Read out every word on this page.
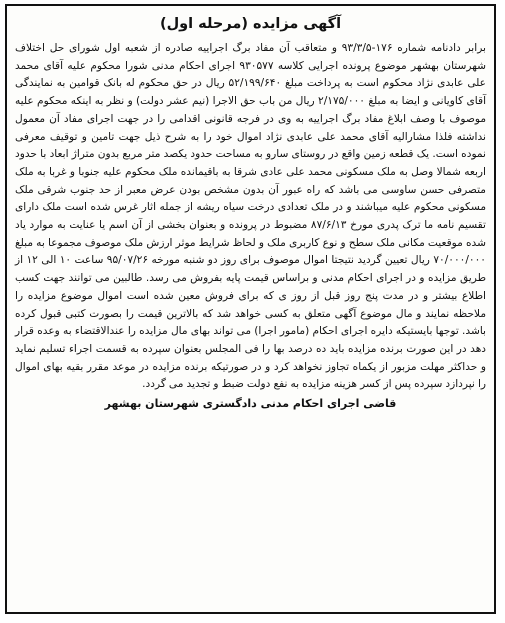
آگهی مزایده (مرحله اول)

برابر دادنامه شماره ۱۷۶-۹۳/۳/۵ و متعاقب آن مفاد برگ اجراییه صادره از شعبه اول شورای حل اختلاف شهرستان بهشهر موضوع پرونده اجرایی کلاسه ۹۳۰۵۷۷ اجرای احکام مدنی شورا محکوم علیه آقای محمد علی عابدی نژاد محکوم است به پرداخت مبلغ ۵۲/۱۹۹/۶۴۰ ریال در حق محکوم له بانک قوامین به نمایندگی آقای کاویانی و ایضا به مبلغ ۲/۱۷۵/۰۰۰ ریال من باب حق الاجرا (نیم عشر دولت) و نظر به اینکه محکوم علیه موصوف با وصف ابلاغ مفاد برگ اجراییه به وی در فرجه قانونی اقدامی را در جهت اجرای مفاد آن معمول نداشته فلذا مشارالیه آقای محمد علی عابدی نژاد اموال خود را به شرح ذیل جهت تامین و توقیف معرفی نموده است. یک قطعه زمین واقع در روستای سارو به مساحت حدود یکصد متر مربع بدون متراژ ابعاد با حدود اربعه شمالا وصل به ملک مسکونی محمد علی عادی شرقا به باقیمانده ملک محکوم علیه جنوبا و غربا به ملک متصرفی حسن ساوسی می باشد که راه عبور آن بدون مشخص بودن عرض معبر از حد جنوب شرقی ملک مسکونی محکوم علیه میباشند و در ملک تعدادی درخت سیاه ریشه از جمله اثار غرس شده است ملک دارای تقسیم نامه ما ترک پدری مورخ ۸۷/۶/۱۳ مضبوط در پرونده و بعنوان بخشی از آن اسم یا عنایت به موارد یاد شده موقعیت مکانی ملک سطح و نوع کاربری ملک و لحاظ شرایط موثر ارزش ملک موصوف مجموعا به مبلغ ۷۰/۰۰۰/۰۰۰ ریال تعیین گردید نتیجتا اموال موصوف برای روز دو شنبه مورخه ۹۵/۰۷/۲۶ ساعت ۱۰ الی ۱۲ از طریق مزایده و در اجرای احکام مدنی و براساس قیمت پایه بفروش می رسد. طالبین می توانند جهت کسب اطلاع بیشتر و در مدت پنج روز قبل از روز ی که برای فروش معین شده است اموال موضوع مزایده را ملاحظه نمایند و مال موضوع آگهی متعلق به کسی خواهد شد که بالاترین قیمت را بصورت کتبی قبول کرده باشد. توجها بایستیکه دایره اجرای احکام (مامور اجرا) می تواند بهای مال مزایده را عندالاقتضاء به وعده قرار دهد در این صورت برنده مزایده باید ده درصد بها را فی المجلس بعنوان سپرده به قسمت اجراء تسلیم نماید و حداکثر مهلت مزبور از یکماه تجاوز نخواهد کرد و در صورتیکه برنده مزایده در موعد مقرر بقیه بهای اموال را نپردازد سپرده پس از کسر هزینه مزایده به نفع دولت ضبط و تجدید می گردد.

قاضی اجرای احکام مدنی دادگستری شهرستان بهشهر
